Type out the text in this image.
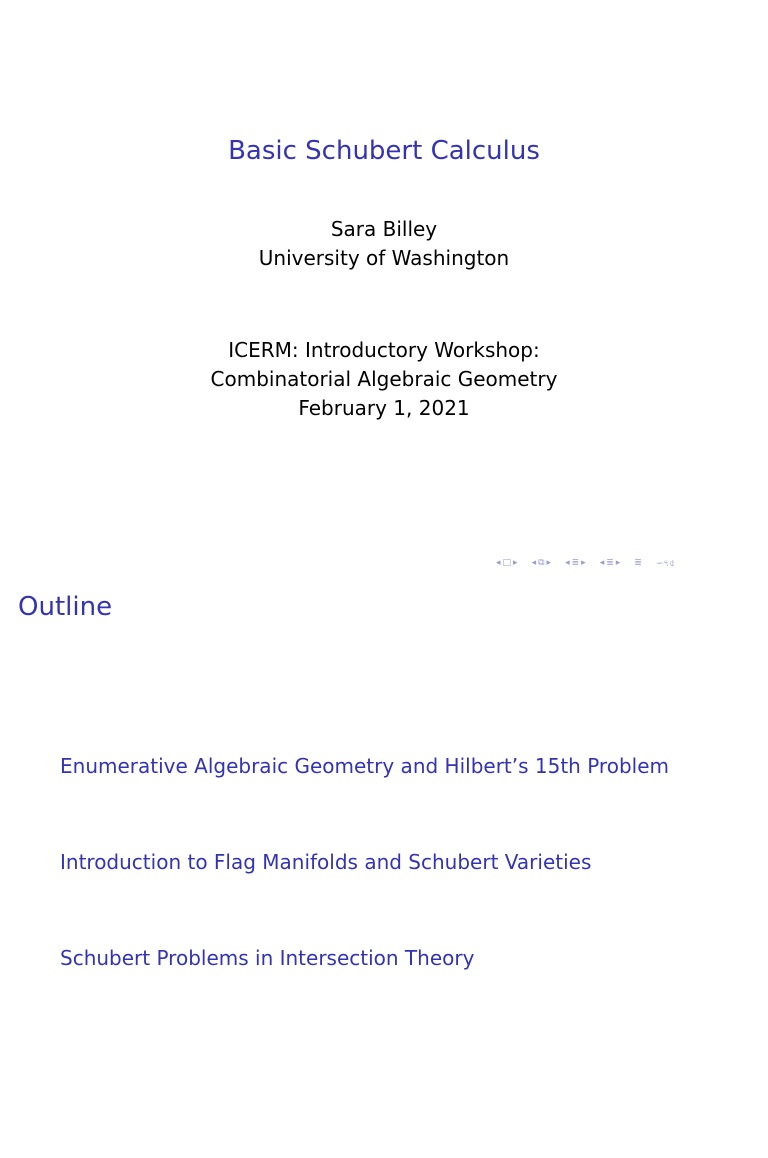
Basic Schubert Calculus
Sara Billey
University of Washington
ICERM: Introductory Workshop:
Combinatorial Algebraic Geometry
February 1, 2021
◂ □ ▸ ◂ ⧉ ▸ ◂ ≣ ▸ ◂ ≣ ▸ ≣ ∽৭৫
Outline
Enumerative Algebraic Geometry and Hilbert’s 15th Problem
Introduction to Flag Manifolds and Schubert Varieties
Schubert Problems in Intersection Theory
